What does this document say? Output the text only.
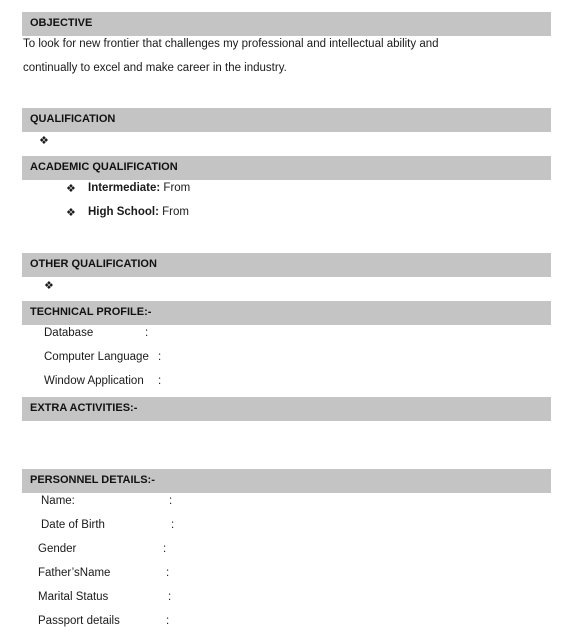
OBJECTIVE
To look for new frontier that challenges my professional and intellectual ability and
continually to excel and make career in the industry.
QUALIFICATION
❖
ACADEMIC QUALIFICATION
❖ Intermediate: From
❖ High School: From
OTHER QUALIFICATION
❖
TECHNICAL PROFILE:-
Database	:
Computer Language :
Window Application :
EXTRA ACTIVITIES:-
PERSONNEL DETAILS:-
Name:	:
Date of Birth	:
Gender	:
Father’sName	:
Marital Status	:
Passport details	:
